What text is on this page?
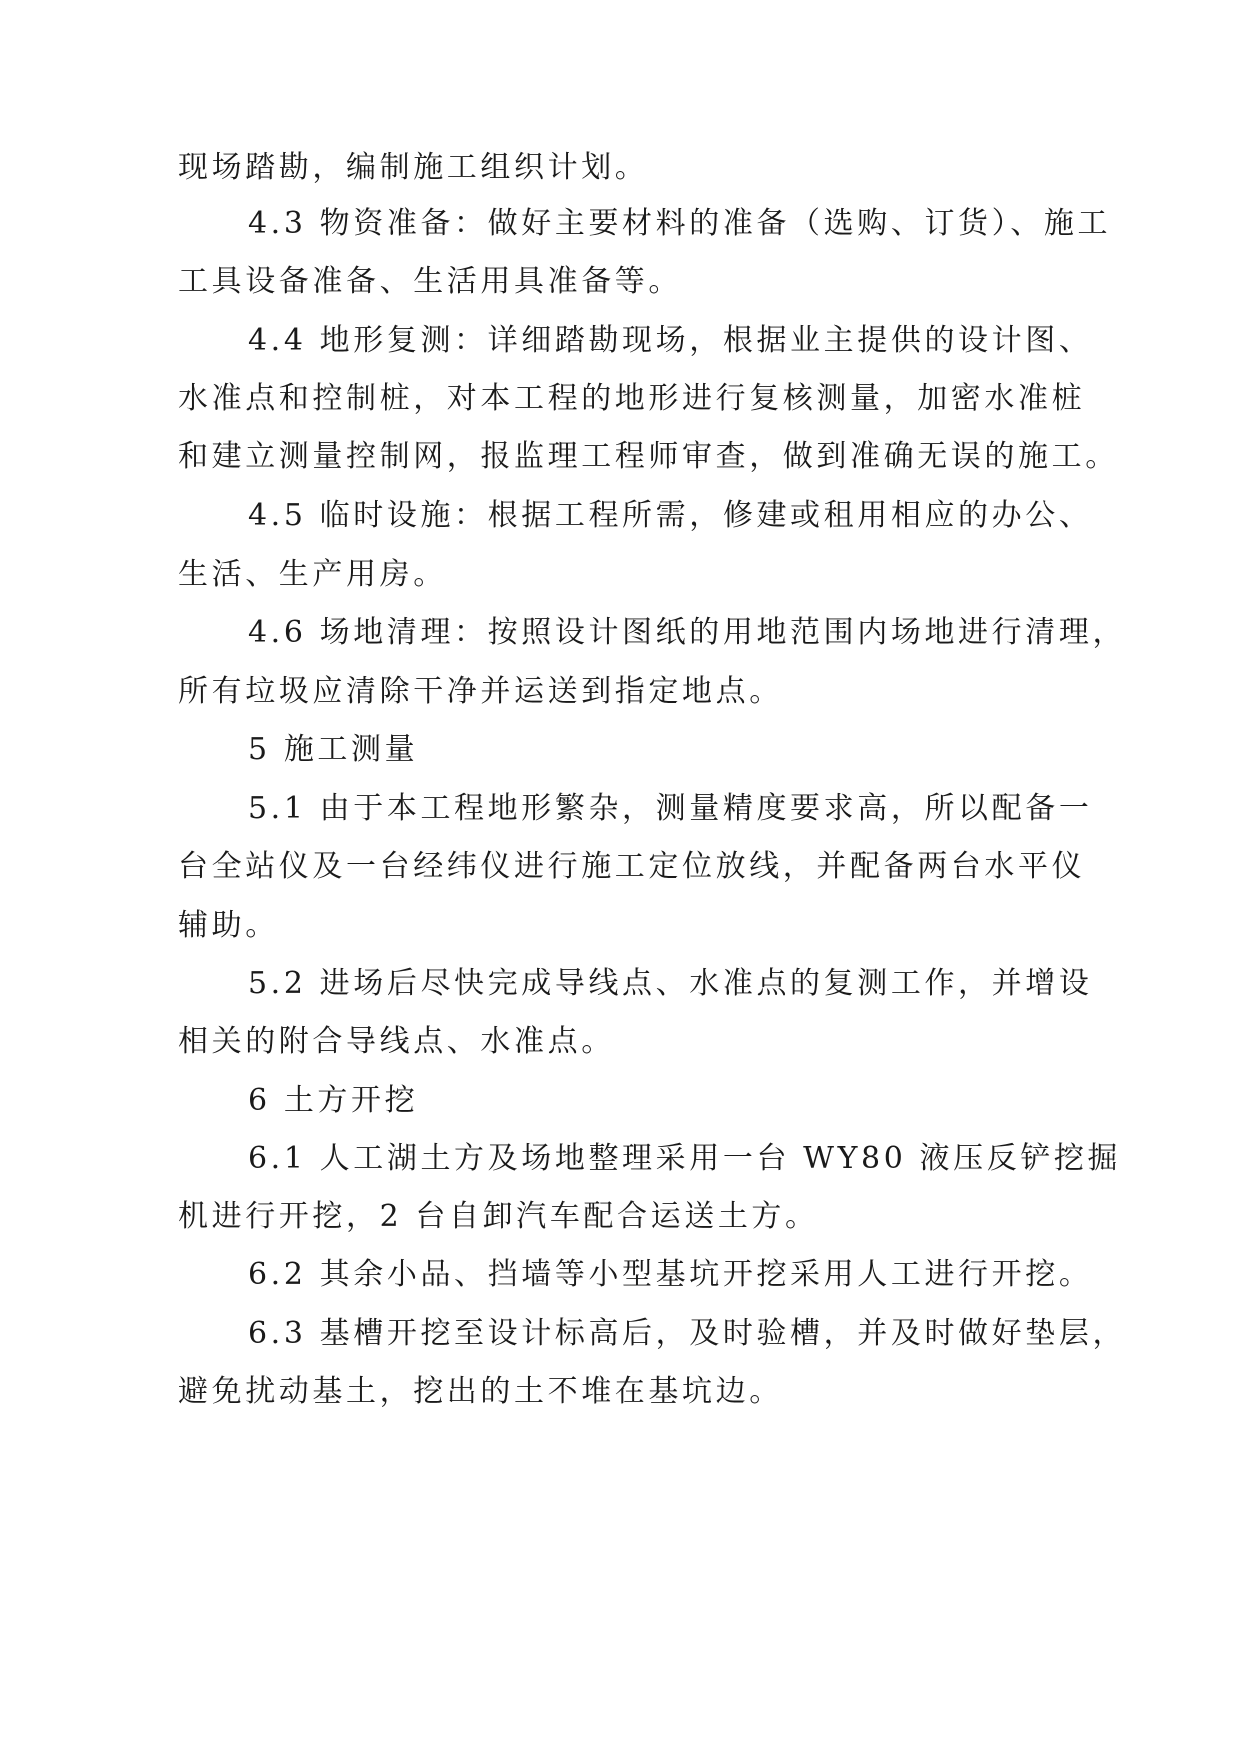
现场踏勘，编制施工组织计划。
4.3 物资准备：做好主要材料的准备（选购、订货）、施工
工具设备准备、生活用具准备等。
4.4 地形复测：详细踏勘现场，根据业主提供的设计图、
水准点和控制桩，对本工程的地形进行复核测量，加密水准桩
和建立测量控制网，报监理工程师审查，做到准确无误的施工。
4.5 临时设施：根据工程所需，修建或租用相应的办公、
生活、生产用房。
4.6 场地清理：按照设计图纸的用地范围内场地进行清理，
所有垃圾应清除干净并运送到指定地点。
5 施工测量
5.1 由于本工程地形繁杂，测量精度要求高，所以配备一
台全站仪及一台经纬仪进行施工定位放线，并配备两台水平仪
辅助。
5.2 进场后尽快完成导线点、水准点的复测工作，并增设
相关的附合导线点、水准点。
6 土方开挖
6.1 人工湖土方及场地整理采用一台 WY80 液压反铲挖掘
机进行开挖，2 台自卸汽车配合运送土方。
6.2 其余小品、挡墙等小型基坑开挖采用人工进行开挖。
6.3 基槽开挖至设计标高后，及时验槽，并及时做好垫层，
避免扰动基土，挖出的土不堆在基坑边。
